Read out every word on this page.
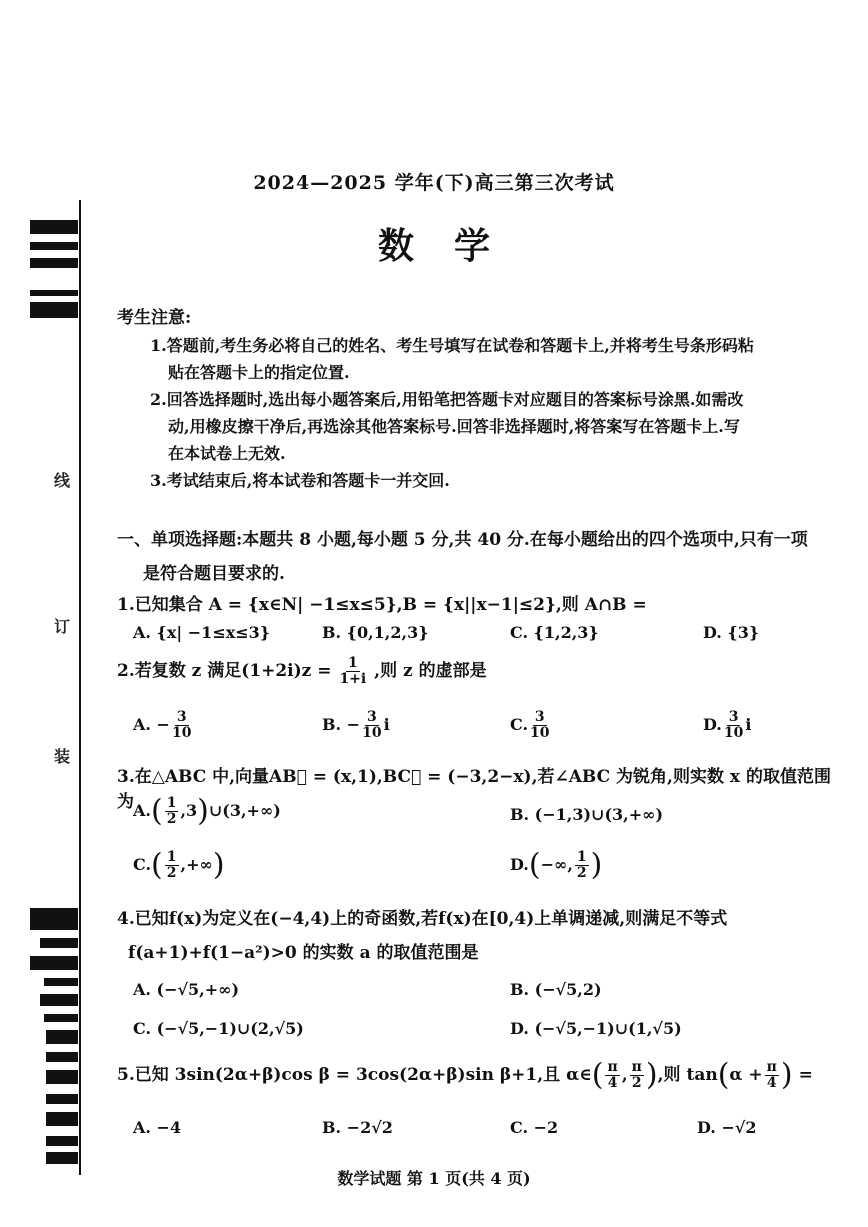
线
订
装
2024—2025 学年(下)高三第三次考试
数学
考生注意:
1.答题前,考生务必将自己的姓名、考生号填写在试卷和答题卡上,并将考生号条形码粘
贴在答题卡上的指定位置.
2.回答选择题时,选出每小题答案后,用铅笔把答题卡对应题目的答案标号涂黑.如需改
动,用橡皮擦干净后,再选涂其他答案标号.回答非选择题时,将答案写在答题卡上.写
在本试卷上无效.
3.考试结束后,将本试卷和答题卡一并交回.
一、单项选择题:本题共 8 小题,每小题 5 分,共 40 分.在每小题给出的四个选项中,只有一项
是符合题目要求的.
1.已知集合 A = {x∈N| −1≤x≤5},B = {x||x−1|≤2},则 A∩B =
A. {x| −1≤x≤3}	B. {0,1,2,3}	C. {1,2,3}	D. {3}
2.若复数 z 满足$(1+2i)z = \frac{1}{1+i}$ ,则 z 的虚部是
A. − $\frac{3}{10}$	B. − $\frac{3}{10}$ i	C. $\frac{3}{10}$	D. $\frac{3}{10}$ i
3.在△ABC 中,向量AB⃗ = (x,1),BC⃗ = (−3,2−x),若∠ABC 为锐角,则实数 x 的取值范围为 $A.( \frac{1}{2}$ ,3)∪(3,+∞)	B. (−1,3)∪(3,+∞)
$C.( \frac{1}{2}$ ,+∞)	D.(−∞, $\frac{1}{2}$ )
4.已知f(x)为定义在(−4,4)上的奇函数,若f(x)在[0,4)上单调递减,则满足不等式
f(a+1)+f(1−a²)>0 的实数 a 的取值范围是
A. (−√5,+∞)	B. (−√5,2)
C. (−√5,−1)∪(2,√5)	D. (−√5,−1)∪(1,√5)
5.已知 3sin(2α+β)cos β = 3cos(2α+β)sin β+1,且 α∈( $\frac{\pi}{4}$ , $\frac{\pi}{2}$ ),则 $\tan(\alpha + \frac{\pi}{4}$ ) =
A. −4	B. −2√2	C. −2	D. −√2
数学试题 第 1 页(共 4 页)
